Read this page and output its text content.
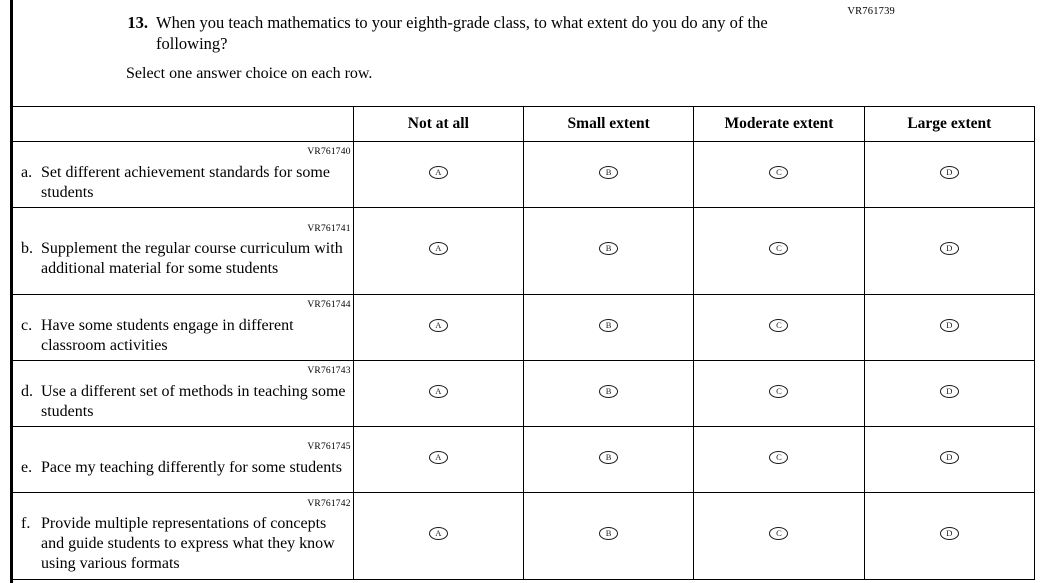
VR761739
13. When you teach mathematics to your eighth-grade class, to what extent do you do any of the following?
Select one answer choice on each row.
	Not at all	Small extent	Moderate extent	Large extent

VR761740
a. Set different achievement standards for some students	A	B	C	D

VR761741
b. Supplement the regular course curriculum with additional material for some students	A	B	C	D

VR761744
c. Have some students engage in different classroom activities	A	B	C	D

VR761743
d. Use a different set of methods in teaching some students	A	B	C	D

VR761745
e. Pace my teaching differently for some students	A	B	C	D

VR761742
f. Provide multiple representations of concepts and guide students to express what they know using various formats	A	B	C	D
